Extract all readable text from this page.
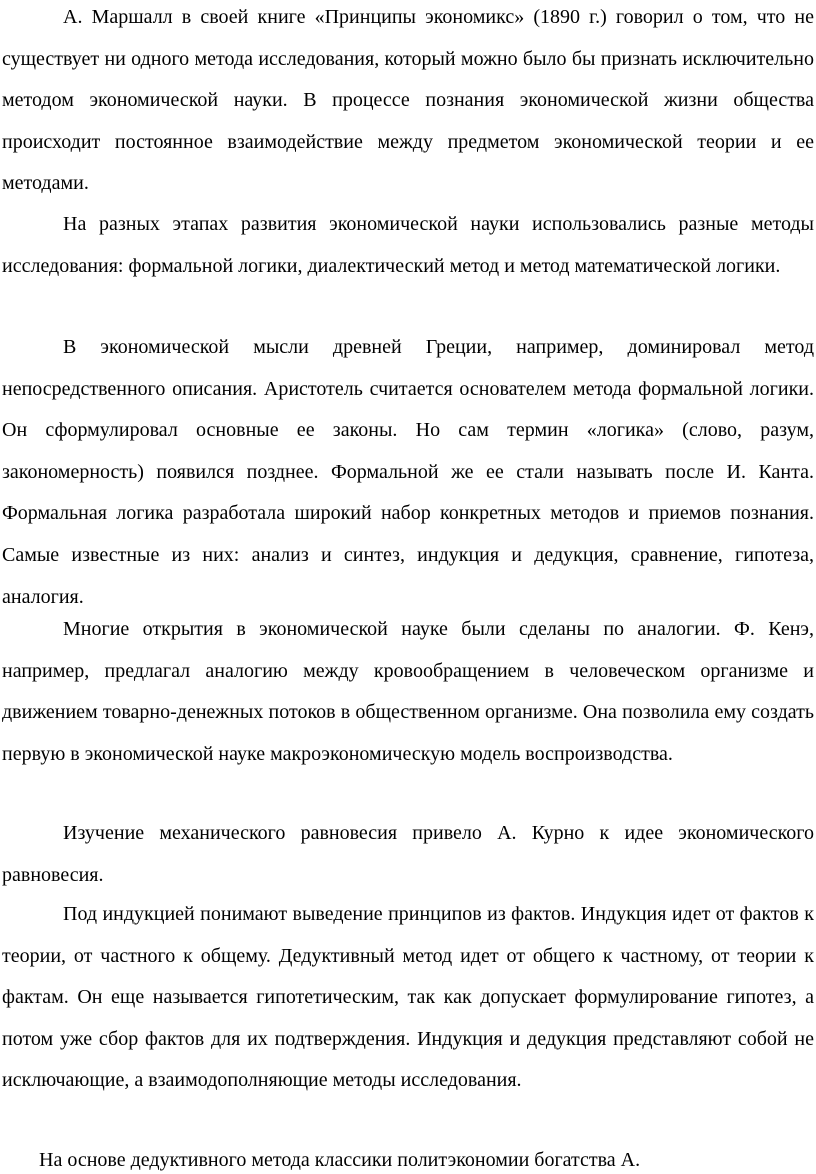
А. Маршалл в своей книге «Принципы экономикс» (1890 г.) говорил о том, что не существует ни одного метода исследования, который можно было бы признать исключительно методом экономической науки. В процессе познания экономической жизни общества происходит постоянное взаимодействие между предметом экономической теории и ее методами.

На разных этапах развития экономической науки использовались разные методы исследования: формальной логики, диалектический метод и метод математической логики.

В экономической мысли древней Греции, например, доминировал метод непосредственного описания. Аристотель считается основателем метода формальной логики. Он сформулировал основные ее законы. Но сам термин «логика» (слово, разум, закономерность) появился позднее. Формальной же ее стали называть после И. Канта. Формальная логика разработала широкий набор конкретных методов и приемов познания. Самые известные из них: анализ и синтез, индукция и дедукция, сравнение, гипотеза, аналогия.

Многие открытия в экономической науке были сделаны по аналогии. Ф. Кенэ, например, предлагал аналогию между кровообращением в человеческом организме и движением товарно-денежных потоков в общественном организме. Она позволила ему создать первую в экономической науке макроэкономическую модель воспроизводства.

Изучение механического равновесия привело А. Курно к идее экономического равновесия.

Под индукцией понимают выведение принципов из фактов. Индукция идет от фактов к теории, от частного к общему. Дедуктивный метод идет от общего к частному, от теории к фактам. Он еще называется гипотетическим, так как допускает формулирование гипотез, а потом уже сбор фактов для их подтверждения. Индукция и дедукция представляют собой не исключающие, а взаимодополняющие методы исследования.

На основе дедуктивного метода классики политэкономии богатства А.
